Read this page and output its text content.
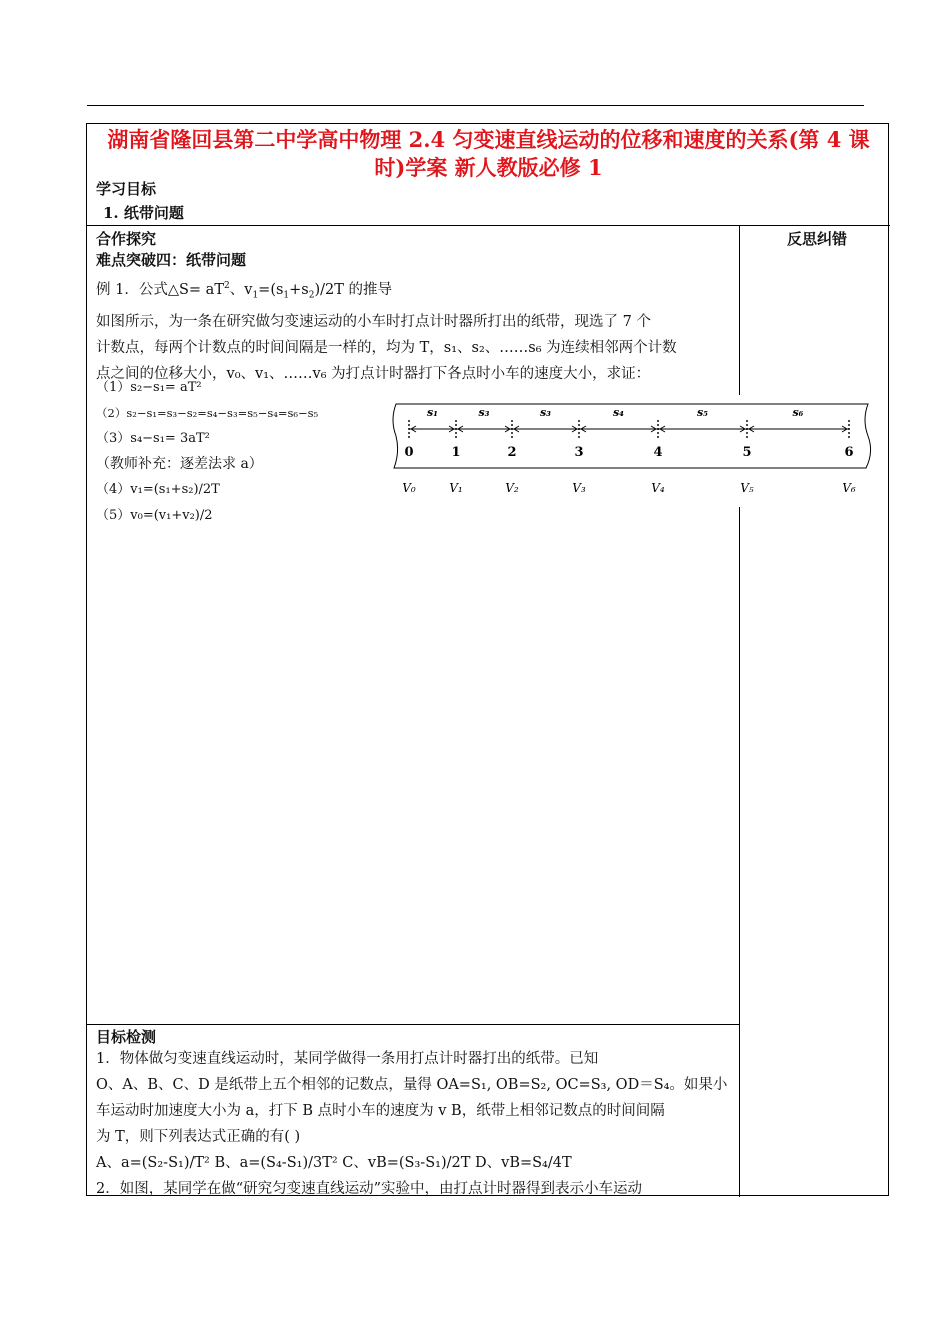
湖南省隆回县第二中学高中物理 2.4 匀变速直线运动的位移和速度的关系(第 4 课
时)学案 新人教版必修 1
学习目标
1. 纸带问题
合作探究	反思纠错
难点突破四：纸带问题
例 1．公式△S= $aT^2$、$v_1=(s_1+s_2)/2T$ 的推导
如图所示，为一条在研究做匀变速运动的小车时打点计时器所打出的纸带，现选了 7 个
计数点，每两个计数点的时间间隔是一样的，均为 T，s₁、s₂、……s₆ 为连续相邻两个计数
点之间的位移大小，v₀、v₁、……v₆ 为打点计时器打下各点时小车的速度大小，求证：
（1）s₂−s₁= aT²
（2）s₂−s₁=s₃−s₂=s₄−s₃=s₅−s₄=s₆−s₅
（3）s₄−s₁= 3aT²
（教师补充：逐差法求 a）
（4）v₁=(s₁+s₂)/2T
（5）v₀=(v₁+v₂)/2
目标检测
1．物体做匀变速直线运动时，某同学做得一条用打点计时器打出的纸带。已知
O、A、B、C、D 是纸带上五个相邻的记数点，量得 OA=S₁, OB=S₂, OC=S₃, OD＝S₄。如果小
车运动时加速度大小为 a，打下 B 点时小车的速度为 v B，纸带上相邻记数点的时间间隔
为 T，则下列表达式正确的有( )
A、a=(S₂-S₁)/T² B、a=(S₄-S₁)/3T² C、vB=(S₃-S₁)/2T D、vB=S₄/4T
2．如图，某同学在做“研究匀变速直线运动”实验中，由打点计时器得到表示小车运动
s₁	s₃	s₃	s₄	s₅	s₆
0	1	2	3	4	5	6
V₀	V₁	V₂	V₃	V₄	V₅	V₆
